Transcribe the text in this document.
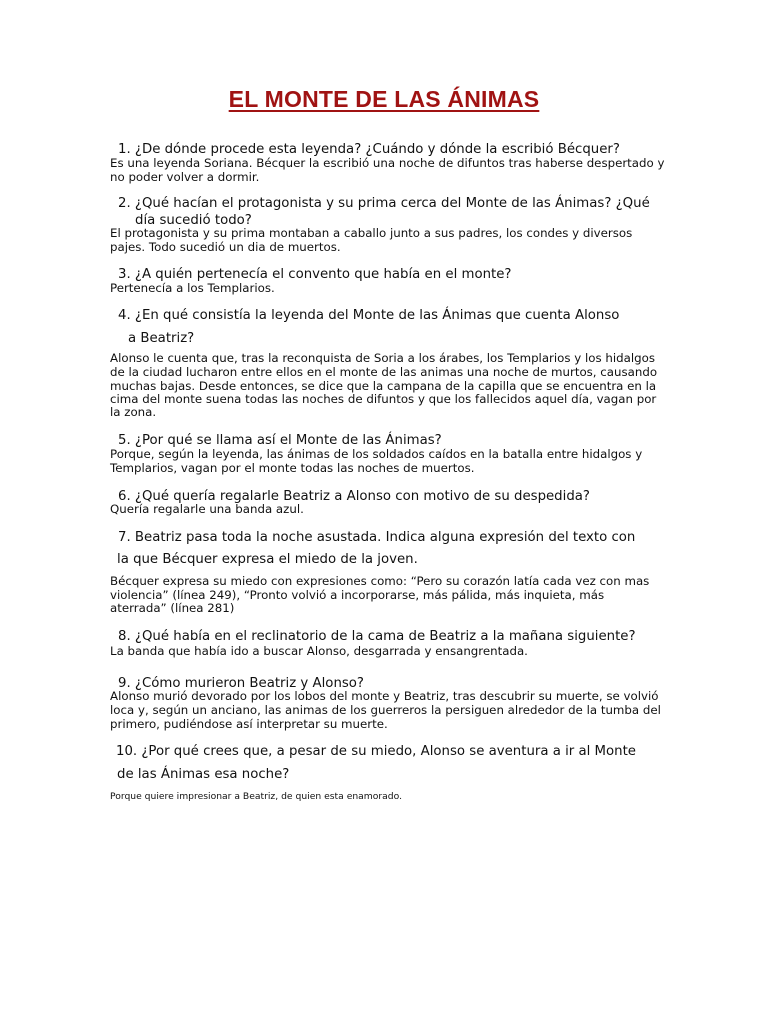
EL MONTE DE LAS ÁNIMAS
1. ¿De dónde procede esta leyenda? ¿Cuándo y dónde la escribió Bécquer?
Es una leyenda Soriana. Bécquer la escribió una noche de difuntos tras haberse despertado y
no poder volver a dormir.
2. ¿Qué hacían el protagonista y su prima cerca del Monte de las Ánimas? ¿Qué
día sucedió todo?
El protagonista y su prima montaban a caballo junto a sus padres, los condes y diversos
pajes. Todo sucedió un dia de muertos.
3. ¿A quién pertenecía el convento que había en el monte?
Pertenecía a los Templarios.
4. ¿En qué consistía la leyenda del Monte de las Ánimas que cuenta Alonso
a Beatriz?
Alonso le cuenta que, tras la reconquista de Soria a los árabes, los Templarios y los hidalgos
de la ciudad lucharon entre ellos en el monte de las animas una noche de murtos, causando
muchas bajas. Desde entonces, se dice que la campana de la capilla que se encuentra en la
cima del monte suena todas las noches de difuntos y que los fallecidos aquel día, vagan por
la zona.
5. ¿Por qué se llama así el Monte de las Ánimas?
Porque, según la leyenda, las ánimas de los soldados caídos en la batalla entre hidalgos y
Templarios, vagan por el monte todas las noches de muertos.
6. ¿Qué quería regalarle Beatriz a Alonso con motivo de su despedida?
Quería regalarle una banda azul.
7. Beatriz pasa toda la noche asustada. Indica alguna expresión del texto con
la que Bécquer expresa el miedo de la joven.
Bécquer expresa su miedo con expresiones como: “Pero su corazón latía cada vez con mas
violencia” (línea 249), “Pronto volvió a incorporarse, más pálida, más inquieta, más
aterrada” (línea 281)
8. ¿Qué había en el reclinatorio de la cama de Beatriz a la mañana siguiente?
La banda que había ido a buscar Alonso, desgarrada y ensangrentada.
9. ¿Cómo murieron Beatriz y Alonso?
Alonso murió devorado por los lobos del monte y Beatriz, tras descubrir su muerte, se volvió
loca y, según un anciano, las animas de los guerreros la persiguen alrededor de la tumba del
primero, pudiéndose así interpretar su muerte.
10. ¿Por qué crees que, a pesar de su miedo, Alonso se aventura a ir al Monte
de las Ánimas esa noche?
Porque quiere impresionar a Beatriz, de quien esta enamorado.
